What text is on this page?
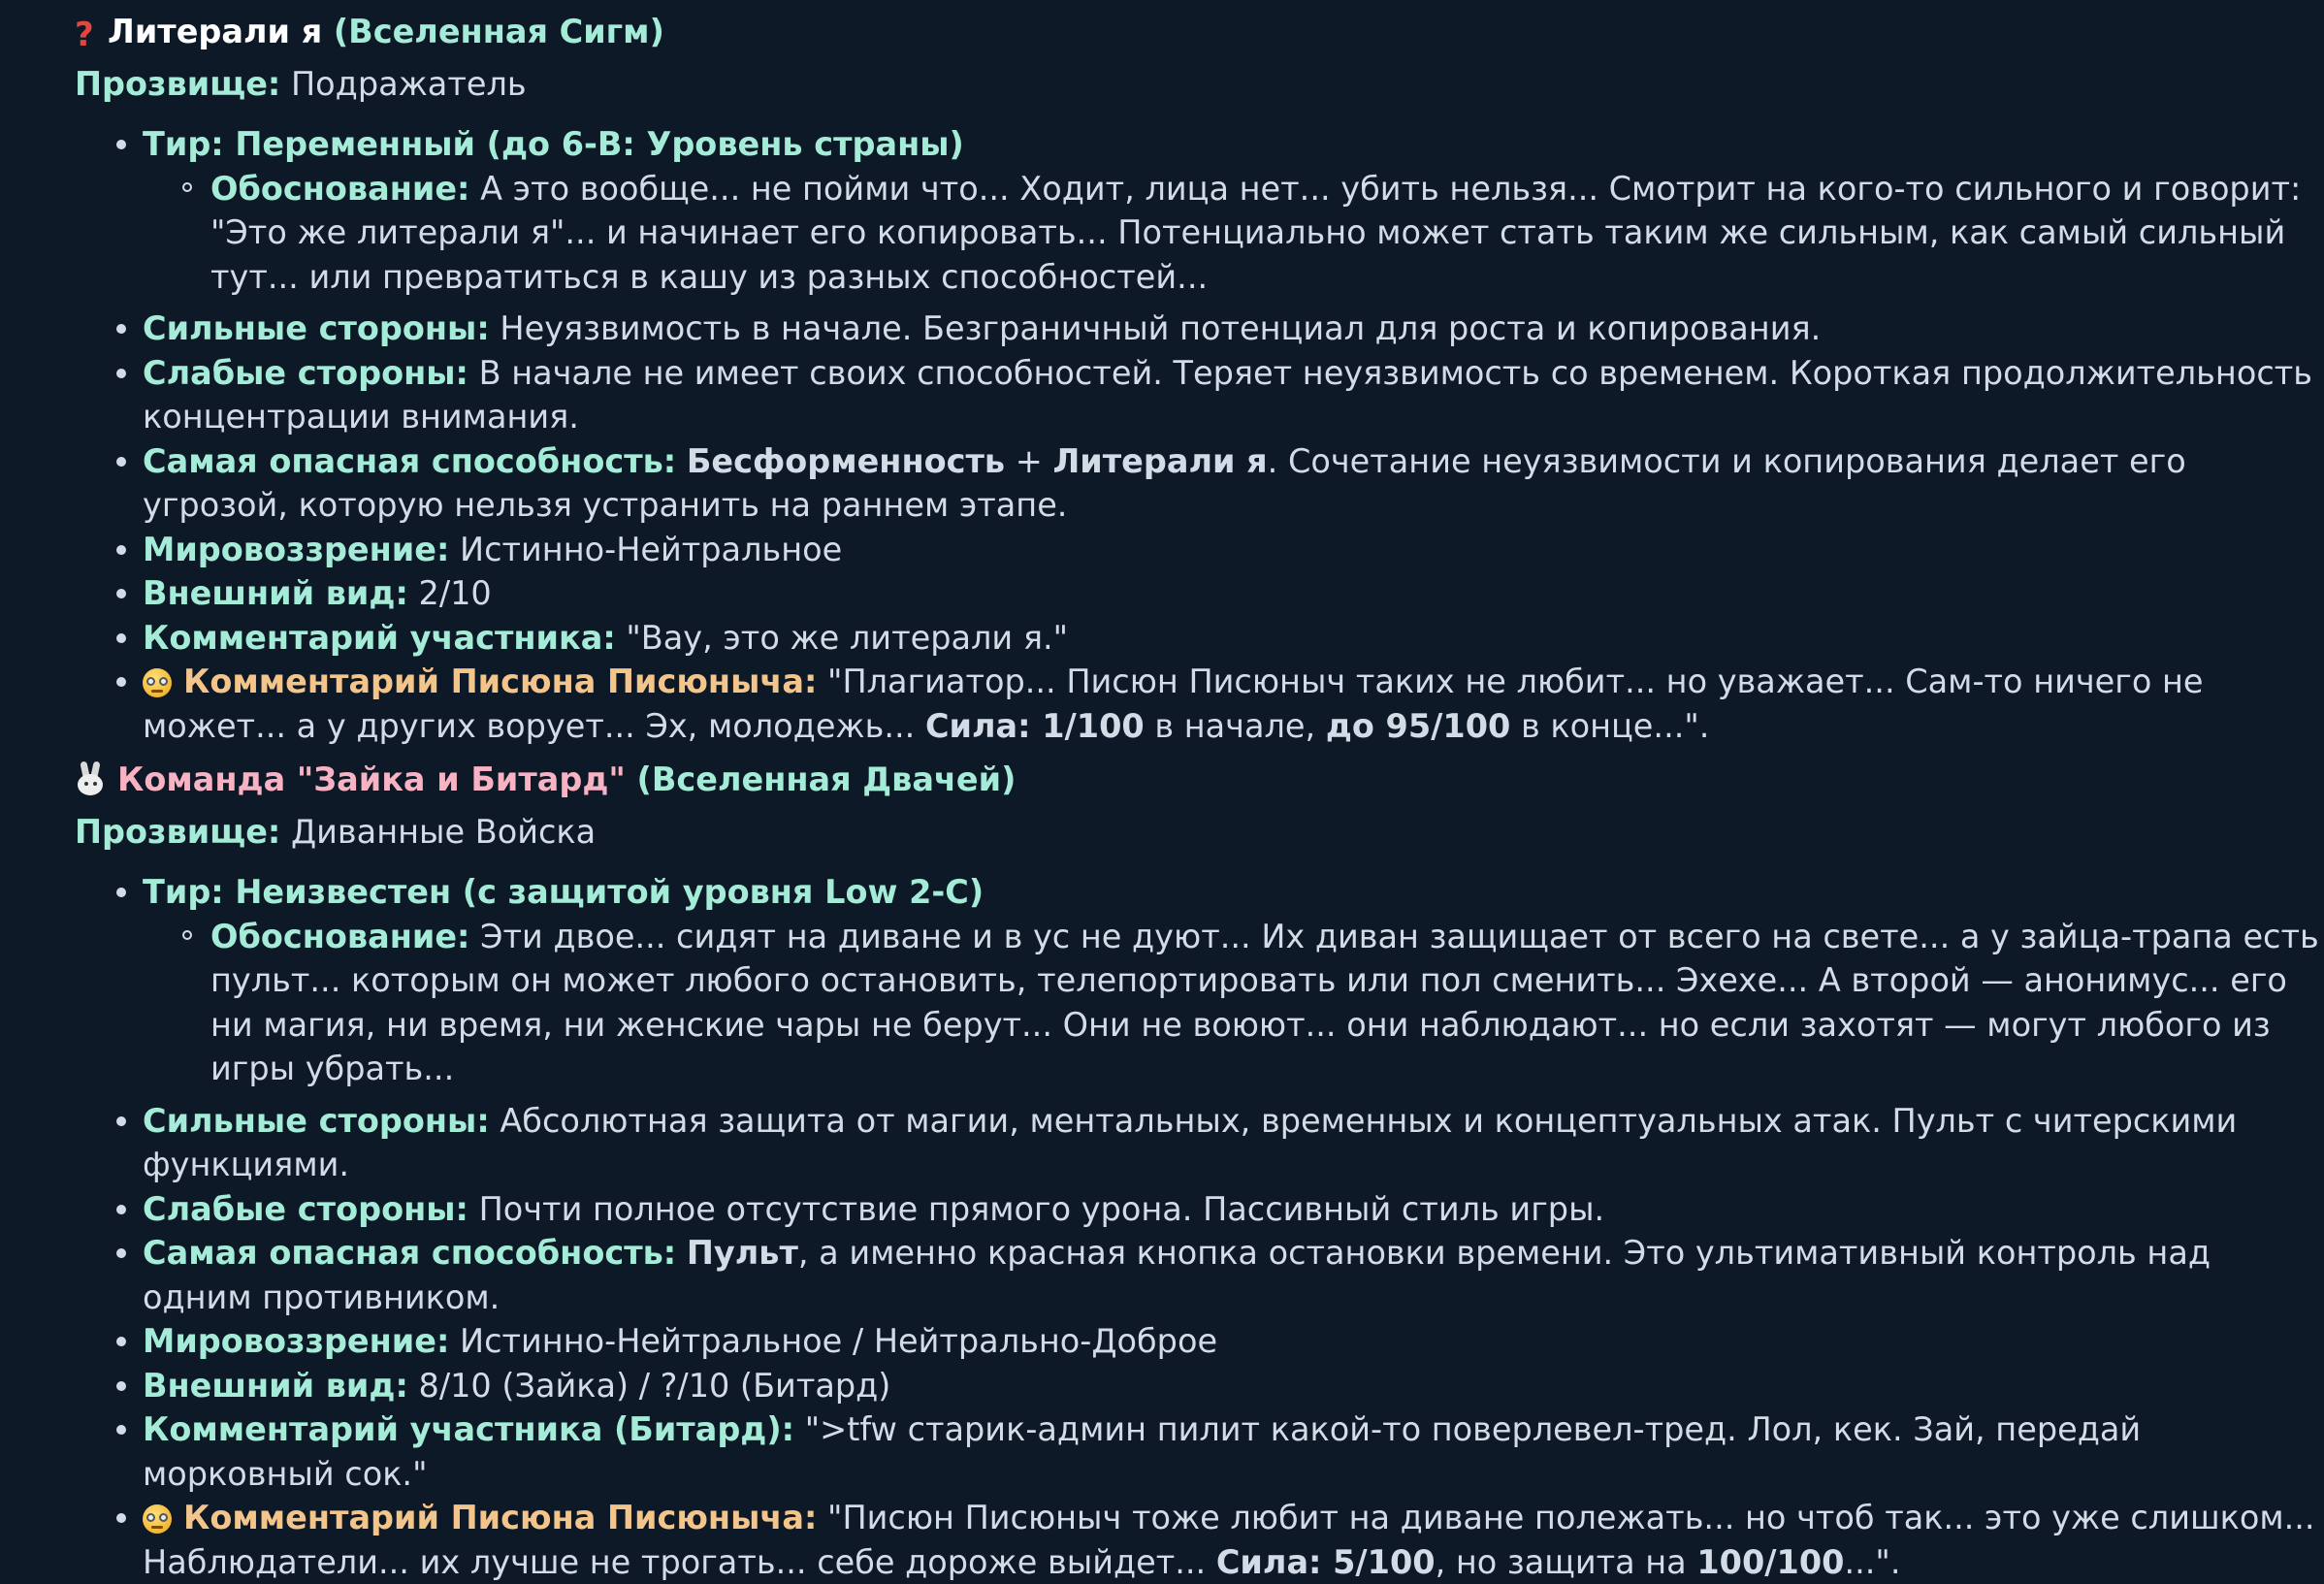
? Литерали я (Вселенная Сигм)

Прозвище: Подражатель

Тир: Переменный (до 6-B: Уровень страны)
Обоснование: А это вообще... не пойми что... Ходит, лица нет... убить нельзя... Смотрит на кого-то сильного и говорит: "Это же литерали я"... и начинает его копировать... Потенциально может стать таким же сильным, как самый сильный тут... или превратиться в кашу из разных способностей...
Сильные стороны: Неуязвимость в начале. Безграничный потенциал для роста и копирования.
Слабые стороны: В начале не имеет своих способностей. Теряет неуязвимость со временем. Короткая продолжительность концентрации внимания.
Самая опасная способность: Бесформенность + Литерали я. Сочетание неуязвимости и копирования делает его угрозой, которую нельзя устранить на раннем этапе.
Мировоззрение: Истинно-Нейтральное
Внешний вид: 2/10
Комментарий участника: "Вау, это же литерали я."
Комментарий Писюна Писюныча: "Плагиатор... Писюн Писюныч таких не любит... но уважает... Сам-то ничего не может... а у других ворует... Эх, молодежь... Сила: 1/100 в начале, до 95/100 в конце...".
Команда "Зайка и Битард" (Вселенная Двачей)

Прозвище: Диванные Войска

Тир: Неизвестен (с защитой уровня Low 2-C)
Обоснование: Эти двое... сидят на диване и в ус не дуют... Их диван защищает от всего на свете... а у зайца-трапа есть пульт... которым он может любого остановить, телепортировать или пол сменить... Эхехе... А второй — анонимус... его ни магия, ни время, ни женские чары не берут... Они не воюют... они наблюдают... но если захотят — могут любого из игры убрать...
Сильные стороны: Абсолютная защита от магии, ментальных, временных и концептуальных атак. Пульт с читерскими функциями.
Слабые стороны: Почти полное отсутствие прямого урона. Пассивный стиль игры.
Самая опасная способность: Пульт, а именно красная кнопка остановки времени. Это ультимативный контроль над одним противником.
Мировоззрение: Истинно-Нейтральное / Нейтрально-Доброе
Внешний вид: 8/10 (Зайка) / ?/10 (Битард)
Комментарий участника (Битард): ">tfw старик-админ пилит какой-то поверлевел-тред. Лол, кек. Зай, передай морковный сок."
Комментарий Писюна Писюныча: "Писюн Писюныч тоже любит на диване полежать... но чтоб так... это уже слишком... Наблюдатели... их лучше не трогать... себе дороже выйдет... Сила: 5/100, но защита на 100/100...".
